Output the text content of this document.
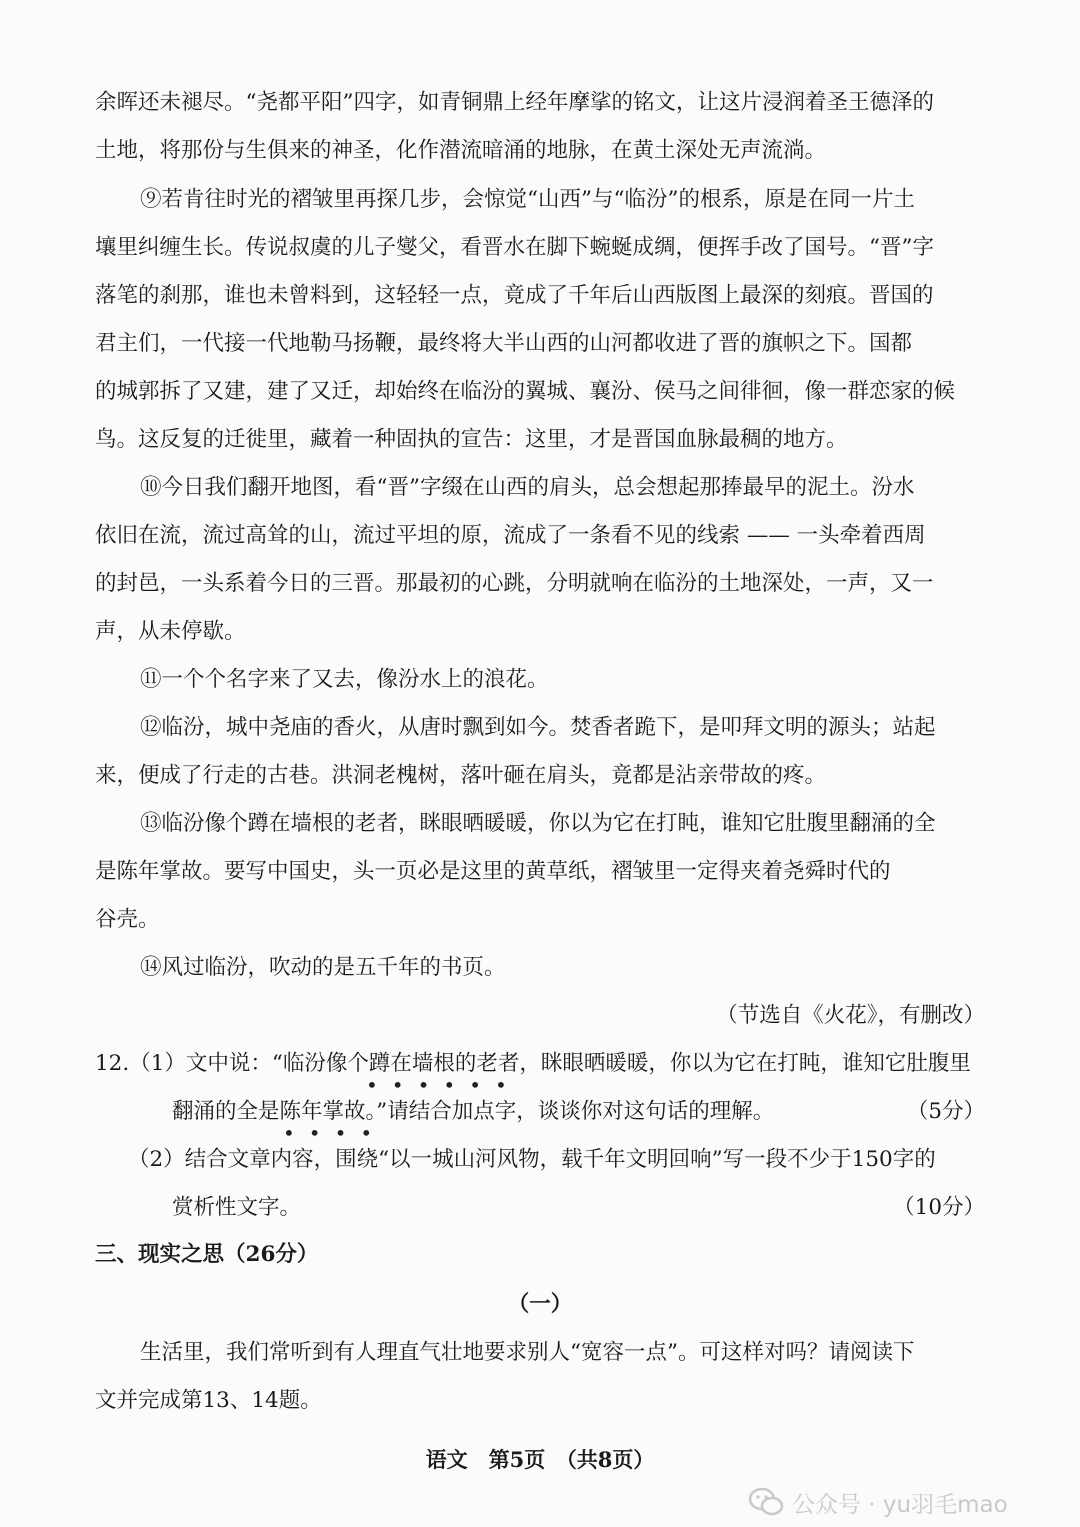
余晖还未褪尽。“尧都平阳”四字，如青铜鼎上经年摩挲的铭文，让这片浸润着圣王德泽的
土地，将那份与生俱来的神圣，化作潜流暗涌的地脉，在黄土深处无声流淌。
⑨若肯往时光的褶皱里再探几步，会惊觉“山西”与“临汾”的根系，原是在同一片土
壤里纠缠生长。传说叔虞的儿子燮父，看晋水在脚下蜿蜒成绸，便挥手改了国号。“晋”字
落笔的刹那，谁也未曾料到，这轻轻一点，竟成了千年后山西版图上最深的刻痕。晋国的
君主们，一代接一代地勒马扬鞭，最终将大半山西的山河都收进了晋的旗帜之下。国都
的城郭拆了又建，建了又迁，却始终在临汾的翼城、襄汾、侯马之间徘徊，像一群恋家的候
鸟。这反复的迁徙里，藏着一种固执的宣告：这里，才是晋国血脉最稠的地方。
⑩今日我们翻开地图，看“晋”字缀在山西的肩头，总会想起那捧最早的泥土。汾水
依旧在流，流过高耸的山，流过平坦的原，流成了一条看不见的线索 —— 一头牵着西周
的封邑，一头系着今日的三晋。那最初的心跳，分明就响在临汾的土地深处，一声，又一
声，从未停歇。
⑪一个个名字来了又去，像汾水上的浪花。
⑫临汾，城中尧庙的香火，从唐时飘到如今。焚香者跪下，是叩拜文明的源头；站起
来，便成了行走的古巷。洪洞老槐树，落叶砸在肩头，竟都是沾亲带故的疼。
⑬临汾像个蹲在墙根的老者，眯眼晒暖暖，你以为它在打盹，谁知它肚腹里翻涌的全
是陈年掌故。要写中国史，头一页必是这里的黄草纸，褶皱里一定得夹着尧舜时代的
谷壳。
⑭风过临汾，吹动的是五千年的书页。
（节选自《火花》，有删改）
12.（1）文中说：“临汾像个蹲在墙根的老者，眯眼晒暖暖，你以为它在打盹，谁知它肚腹里
••••••
翻涌的全是陈年掌故。”请结合加点字，谈谈你对这句话的理解。	（5分）
••••
（2）结合文章内容，围绕“以一城山河风物，载千年文明回响”写一段不少于150字的
赏析性文字。	（10分）
三、现实之思（26分）
（一）
生活里，我们常听到有人理直气壮地要求别人“宽容一点”。可这样对吗？请阅读下
文并完成第13、14题。
语文　第5页　（共8页）
公众号 · yu羽毛mao
